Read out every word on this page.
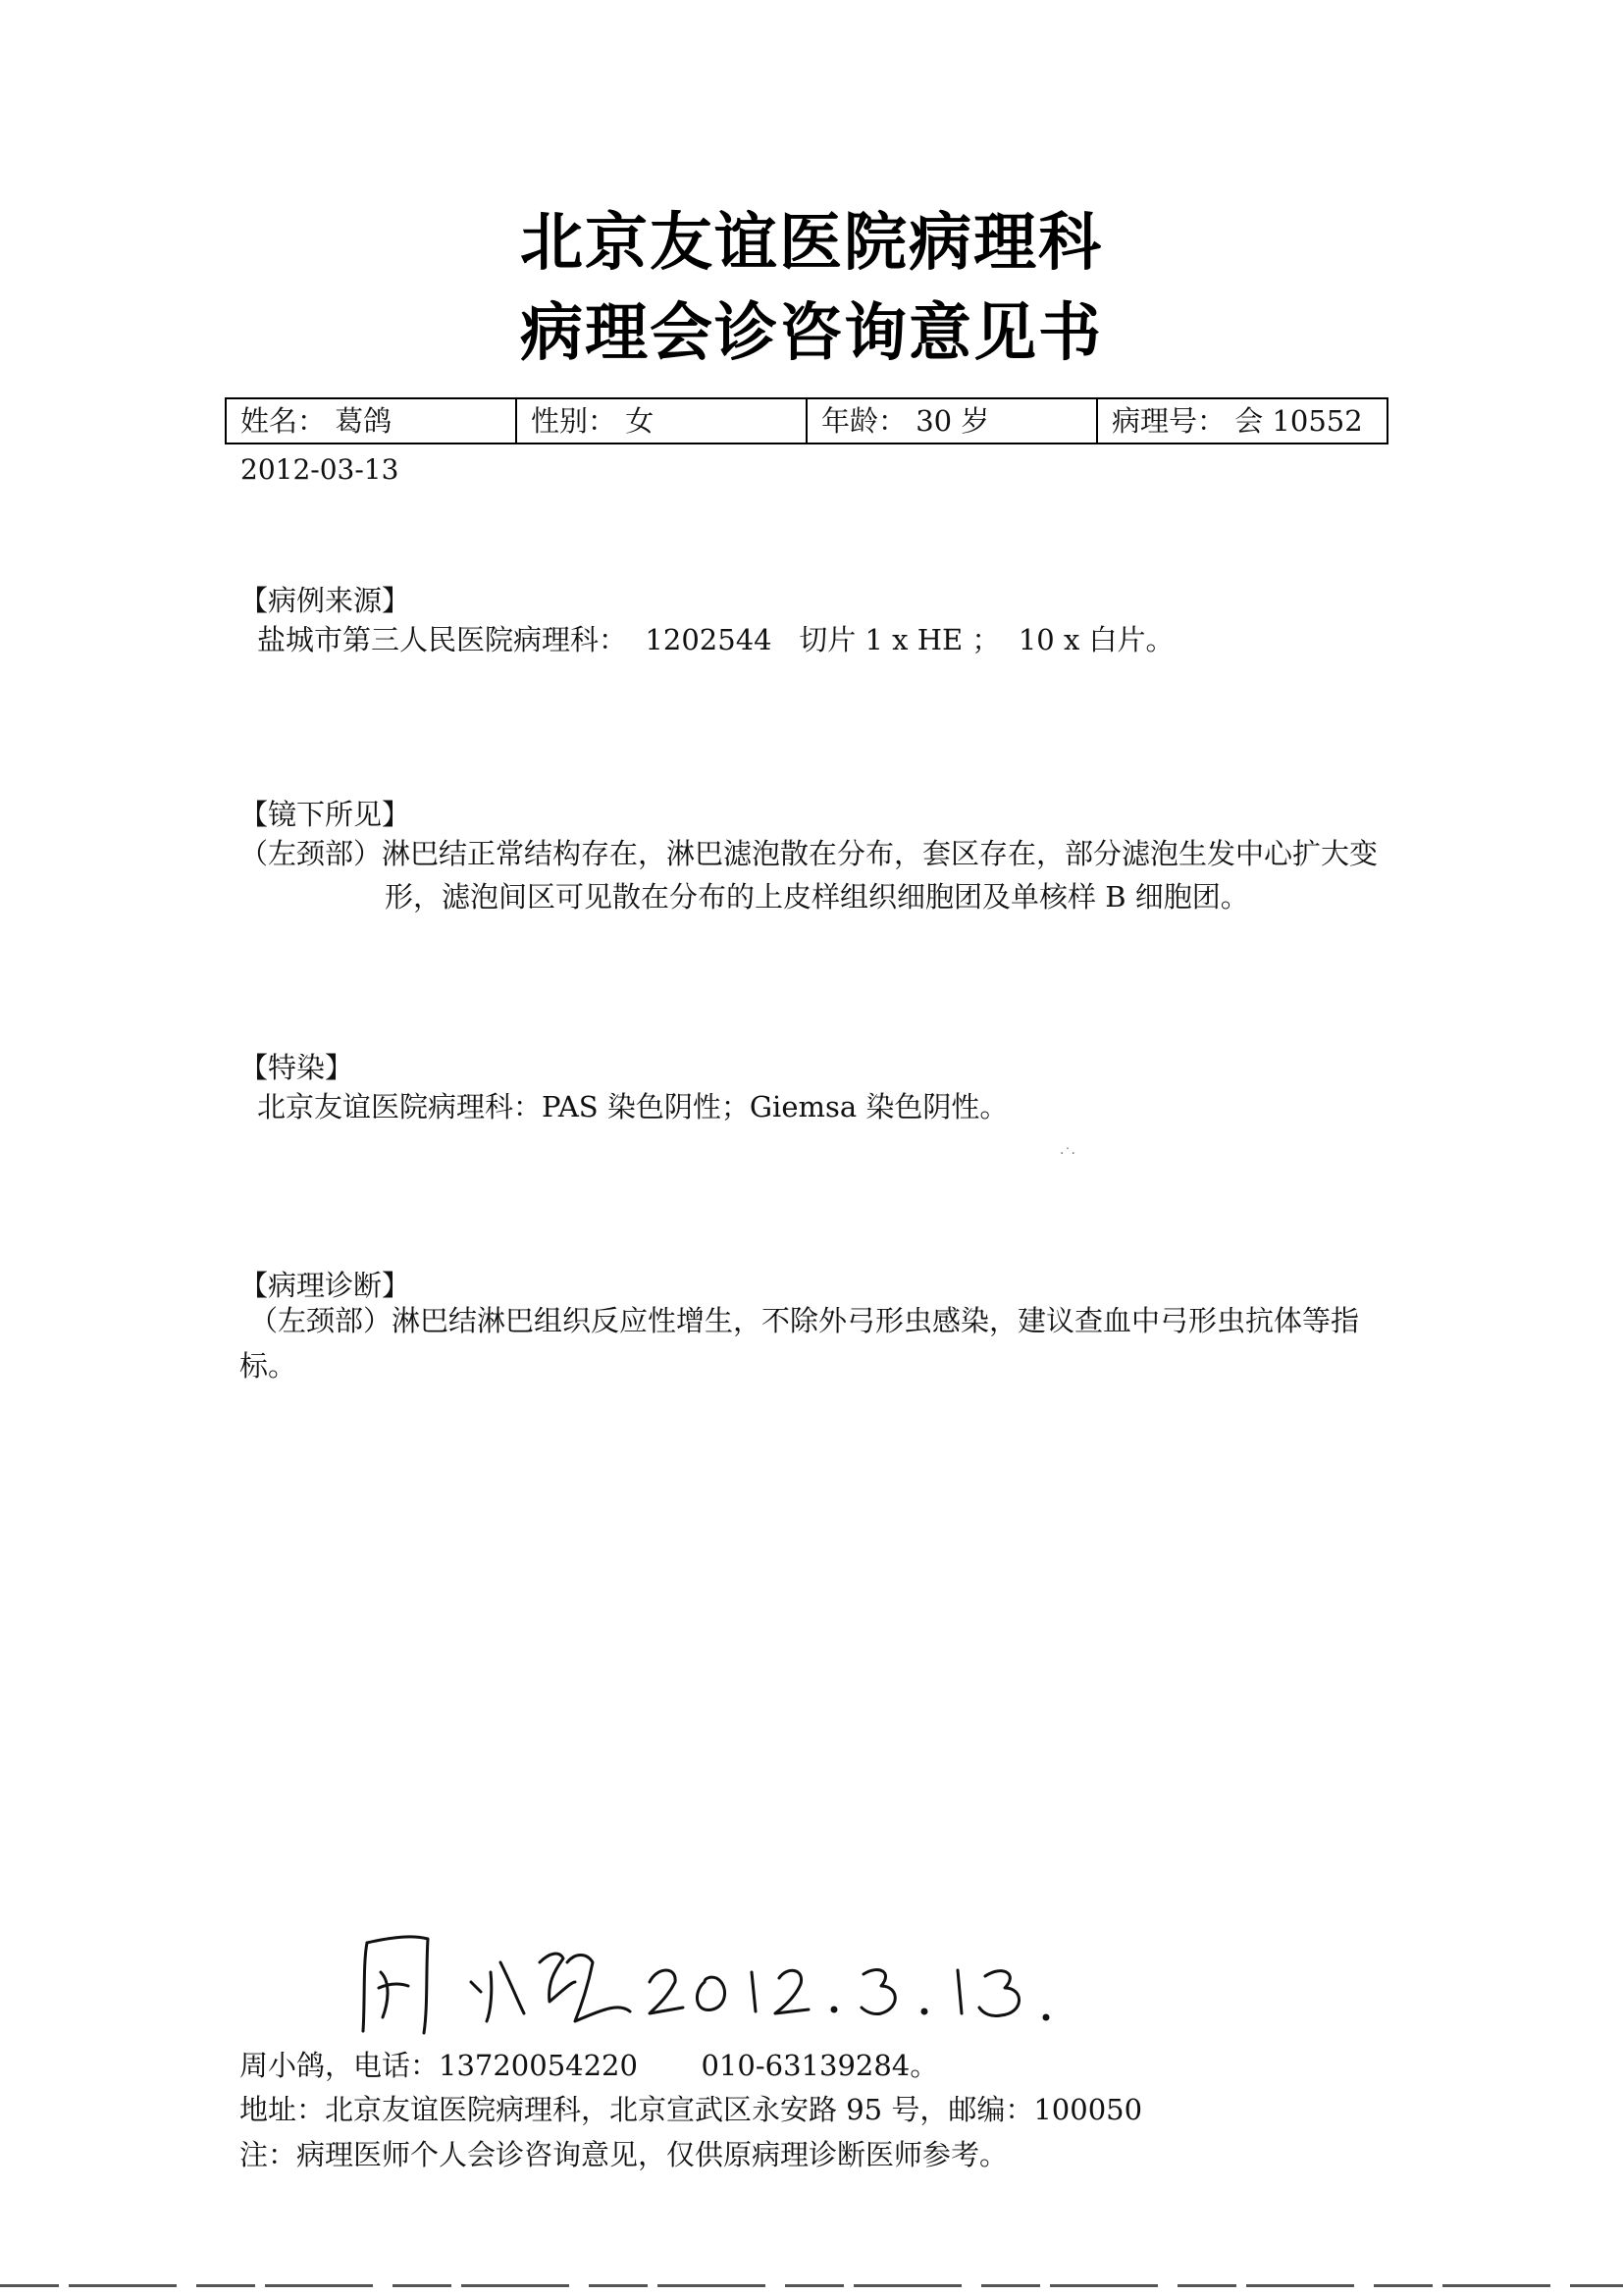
北京友谊医院病理科
病理会诊咨询意见书
姓名： 葛鸽	性别： 女	年龄： 30 岁	病理号： 会 10552
2012-03-13
【病例来源】
盐城市第三人民医院病理科：  1202544   切片 1 x HE ；  10 x 白片。
【镜下所见】
（左颈部）淋巴结正常结构存在，淋巴滤泡散在分布，套区存在，部分滤泡生发中心扩大变
形，滤泡间区可见散在分布的上皮样组织细胞团及单核样 B 细胞团。
【特染】
北京友谊医院病理科：PAS 染色阴性；Giemsa 染色阴性。
·˙·
【病理诊断】
（左颈部）淋巴结淋巴组织反应性增生，不除外弓形虫感染，建议查血中弓形虫抗体等指
标。
周小鸽，电话：13720054220       010-63139284。
地址：北京友谊医院病理科，北京宣武区永安路 95 号，邮编：100050
注：病理医师个人会诊咨询意见，仅供原病理诊断医师参考。
